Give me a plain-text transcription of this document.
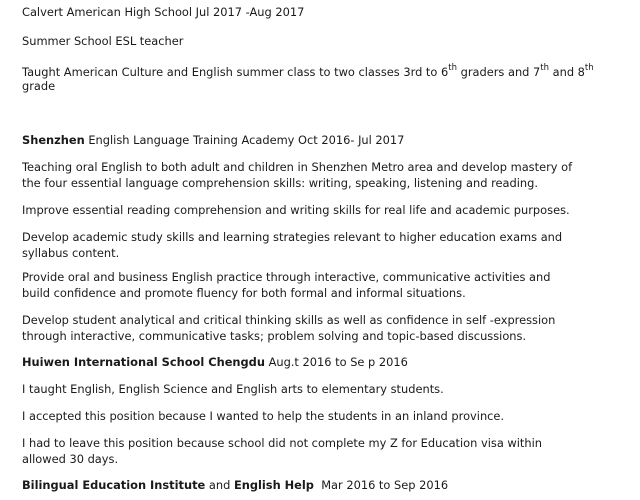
Calvert American High School Jul 2017 -Aug 2017
Summer School ESL teacher
Taught American Culture and English summer class to two classes 3rd to 6th graders and 7th and 8th
grade
Shenzhen English Language Training Academy Oct 2016- Jul 2017
Teaching oral English to both adult and children in Shenzhen Metro area and develop mastery of the four essential language comprehension skills: writing, speaking, listening and reading.
Improve essential reading comprehension and writing skills for real life and academic purposes.
Develop academic study skills and learning strategies relevant to higher education exams and syllabus content.
Provide oral and business English practice through interactive, communicative activities and build confidence and promote fluency for both formal and informal situations.
Develop student analytical and critical thinking skills as well as confidence in self -expression through interactive, communicative tasks; problem solving and topic-based discussions.
Huiwen International School Chengdu Aug.t 2016 to Se p 2016
I taught English, English Science and English arts to elementary students.
I accepted this position because I wanted to help the students in an inland province.
I had to leave this position because school did not complete my Z for Education visa within allowed 30 days.
Bilingual Education Institute and English Help  Mar 2016 to Sep 2016
